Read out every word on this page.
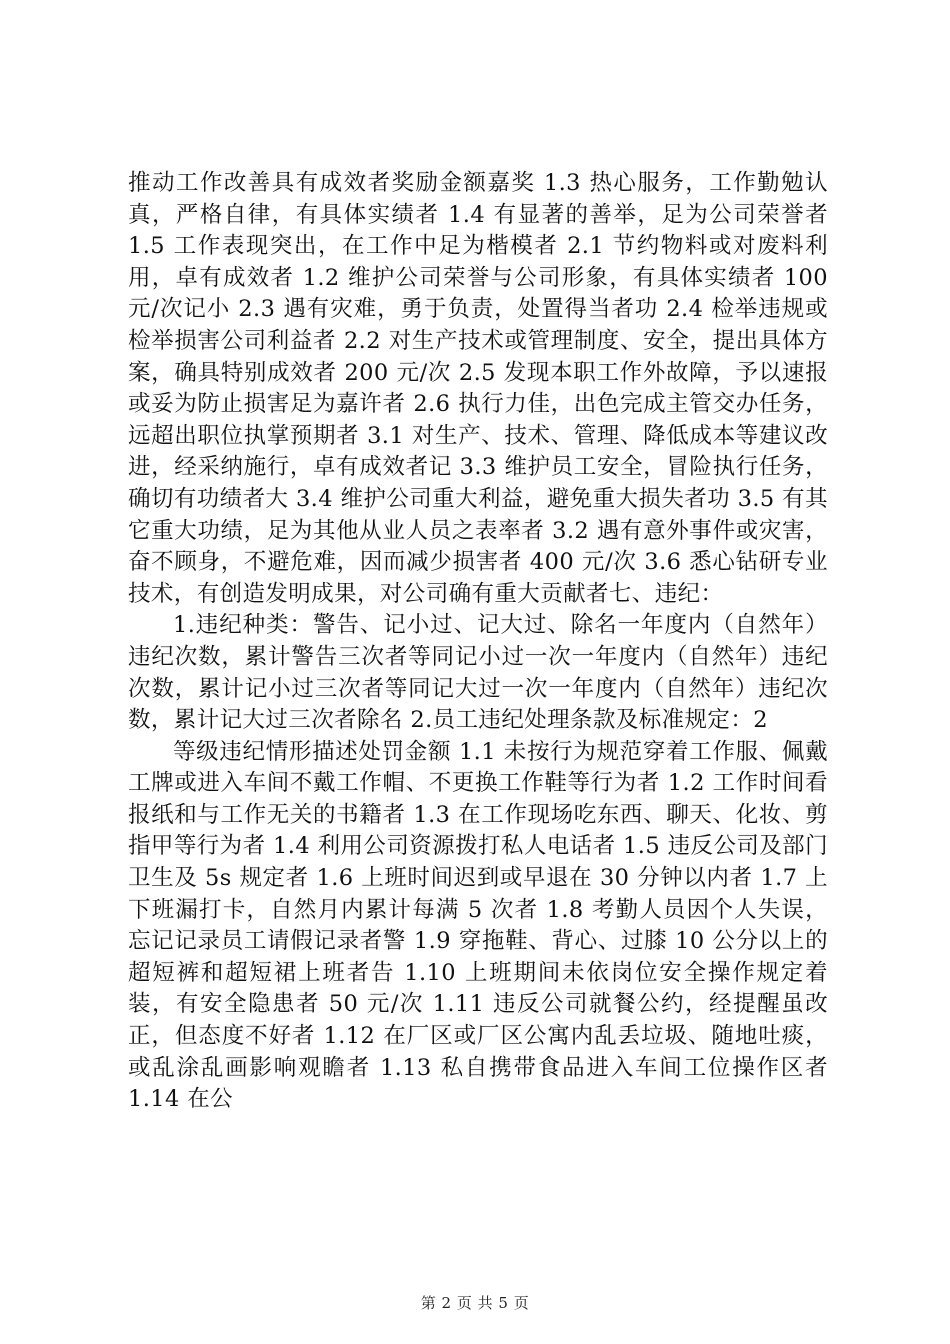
推动工作改善具有成效者奖励金额嘉奖 1.3 热心服务，工作勤勉认真，严格自律，有具体实绩者 1.4 有显著的善举，足为公司荣誉者 1.5 工作表现突出，在工作中足为楷模者 2.1 节约物料或对废料利用，卓有成效者 1.2 维护公司荣誉与公司形象，有具体实绩者 100 元/次记小 2.3 遇有灾难，勇于负责，处置得当者功 2.4 检举违规或检举损害公司利益者 2.2 对生产技术或管理制度、安全，提出具体方案，确具特别成效者 200 元/次 2.5 发现本职工作外故障，予以速报或妥为防止损害足为嘉许者 2.6 执行力佳，出色完成主管交办任务，远超出职位执掌预期者 3.1 对生产、技术、管理、降低成本等建议改进，经采纳施行，卓有成效者记 3.3 维护员工安全，冒险执行任务，确切有功绩者大 3.4 维护公司重大利益，避免重大损失者功 3.5 有其它重大功绩，足为其他从业人员之表率者 3.2 遇有意外事件或灾害，奋不顾身，不避危难，因而减少损害者 400 元/次 3.6 悉心钻研专业技术，有创造发明成果，对公司确有重大贡献者七、违纪：

1.违纪种类：警告、记小过、记大过、除名一年度内（自然年）违纪次数，累计警告三次者等同记小过一次一年度内（自然年）违纪次数，累计记小过三次者等同记大过一次一年度内（自然年）违纪次数，累计记大过三次者除名 2.员工违纪处理条款及标准规定：2

等级违纪情形描述处罚金额 1.1 未按行为规范穿着工作服、佩戴工牌或进入车间不戴工作帽、不更换工作鞋等行为者 1.2 工作时间看报纸和与工作无关的书籍者 1.3 在工作现场吃东西、聊天、化妆、剪指甲等行为者 1.4 利用公司资源拨打私人电话者 1.5 违反公司及部门卫生及 5s 规定者 1.6 上班时间迟到或早退在 30 分钟以内者 1.7 上下班漏打卡，自然月内累计每满 5 次者 1.8 考勤人员因个人失误，忘记记录员工请假记录者警 1.9 穿拖鞋、背心、过膝 10 公分以上的超短裤和超短裙上班者告 1.10 上班期间未依岗位安全操作规定着装，有安全隐患者 50 元/次 1.11 违反公司就餐公约，经提醒虽改正，但态度不好者 1.12 在厂区或厂区公寓内乱丢垃圾、随地吐痰，或乱涂乱画影响观瞻者 1.13 私自携带食品进入车间工位操作区者 1.14 在公

第 2 页 共 5 页
